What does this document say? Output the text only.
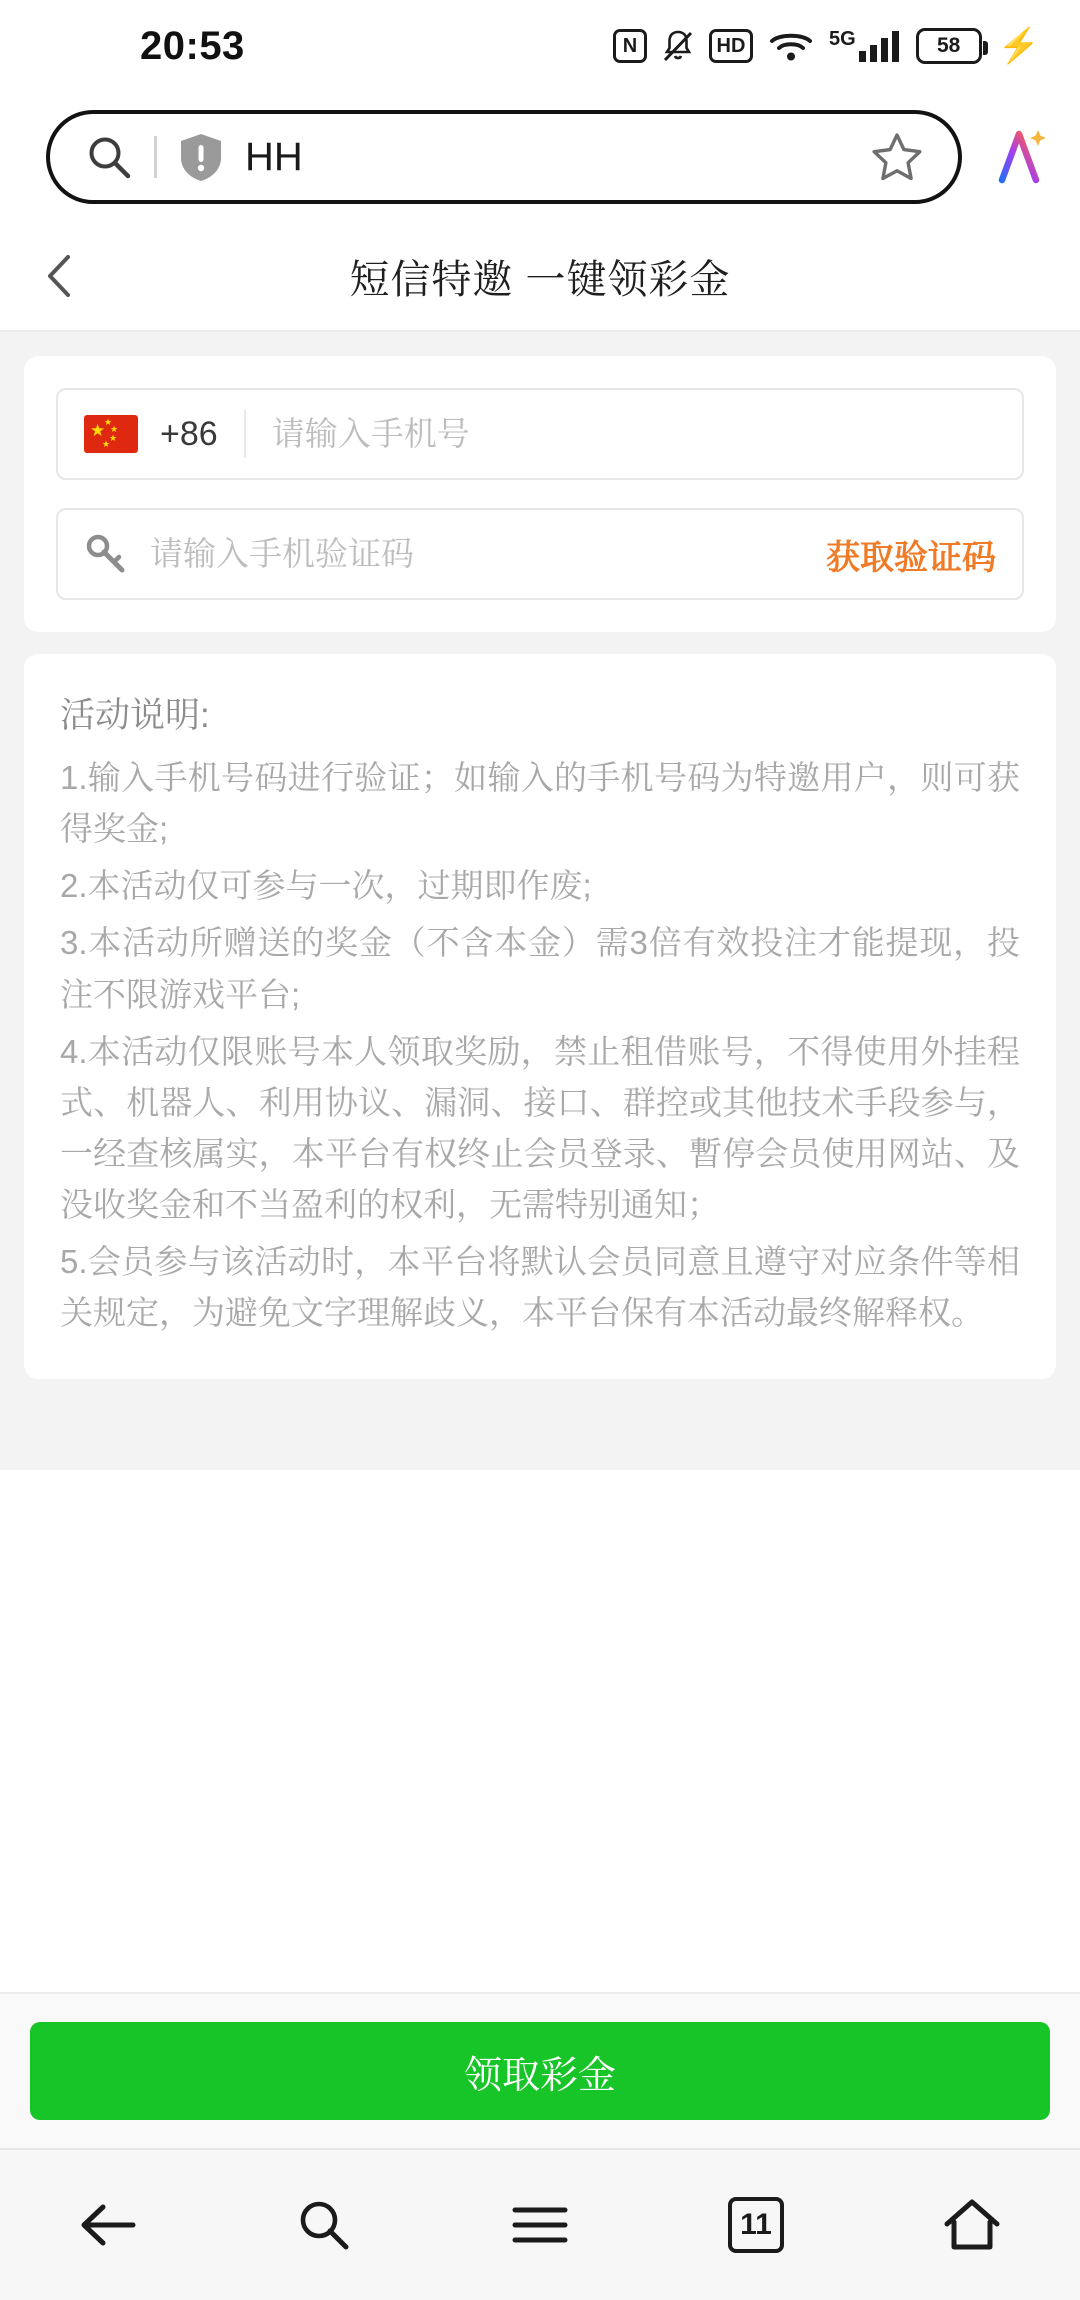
20:53	N	HD	5G	58 ⚡
HH
短信特邀 一键领彩金
★
★
★
★
★ +86
请输入手机号
请输入手机验证码
获取验证码
活动说明:
1.输入手机号码进行验证；如输入的手机号码为特邀用户，则可获得奖金;
2.本活动仅可参与一次，过期即作废;
3.本活动所赠送的奖金（不含本金）需3倍有效投注才能提现，投注不限游戏平台;
4.本活动仅限账号本人领取奖励，禁止租借账号，不得使用外挂程式、机器人、利用协议、漏洞、接口、群控或其他技术手段参与，一经查核属实，本平台有权终止会员登录、暫停会员使用网站、及没收奖金和不当盈利的权利，无需特别通知；
5.会员参与该活动时，本平台将默认会员同意且遵守对应条件等相关规定，为避免文字理解歧义，本平台保有本活动最终解释权。
领取彩金
11
